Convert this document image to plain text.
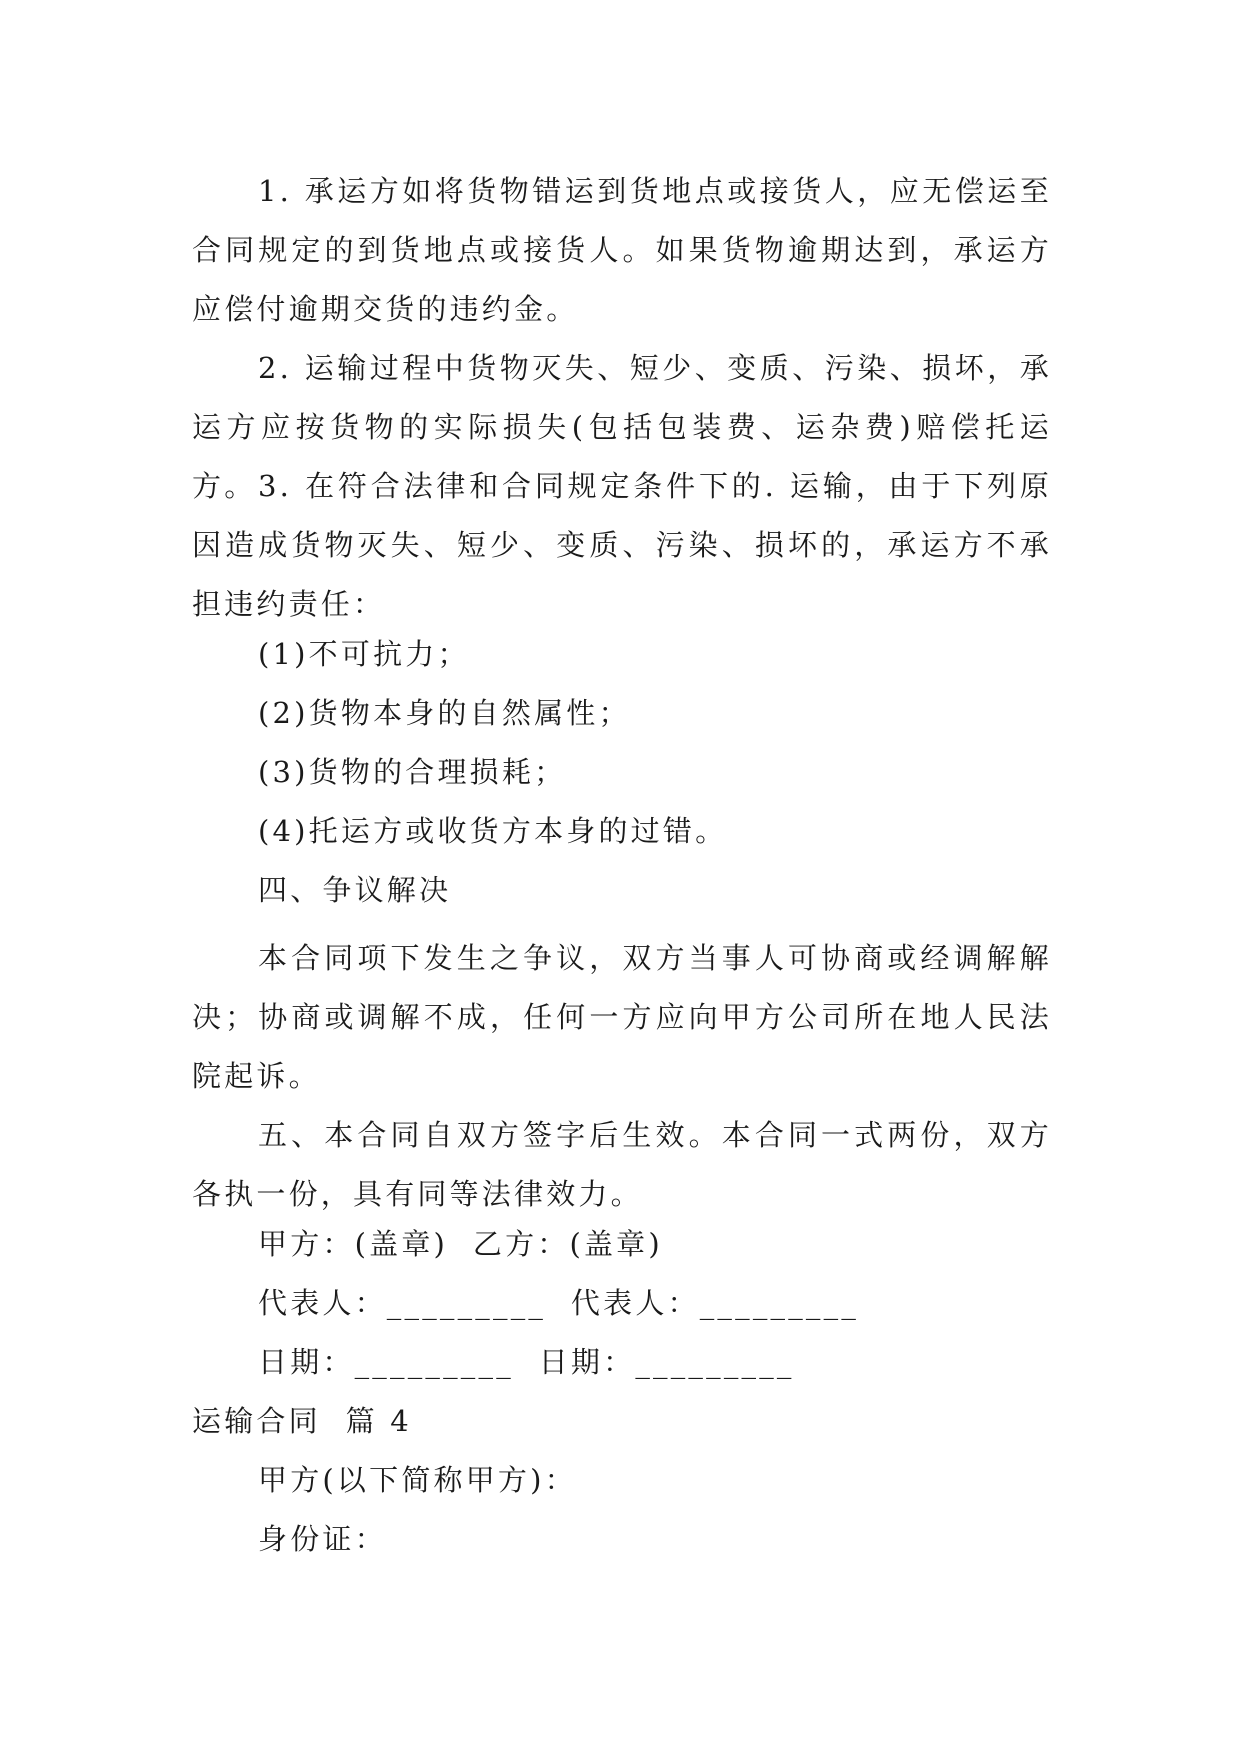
1. 承运方如将货物错运到货地点或接货人，应无偿运至合同规定的到货地点或接货人。如果货物逾期达到，承运方应偿付逾期交货的违约金。

2. 运输过程中货物灭失、短少、变质、污染、损坏，承运方应按货物的实际损失(包括包装费、运杂费)赔偿托运方。 3. 在符合法律和合同规定条件下的. 运输，由于下列原因造成货物灭失、短少、变质、污染、损坏的，承运方不承担违约责任：

(1)不可抗力；
(2)货物本身的自然属性；
(3)货物的合理损耗；
(4)托运方或收货方本身的过错。
四、争议解决

本合同项下发生之争议，双方当事人可协商或经调解解决；协商或调解不成，任何一方应向甲方公司所在地人民法院起诉。

五、本合同自双方签字后生效。本合同一式两份，双方各执一份，具有同等法律效力。

甲方：(盖章)  乙方：(盖章)
代表人：_________  代表人：_________
日期：_________  日期：_________
运输合同  篇 4
甲方(以下简称甲方)：
身份证：
